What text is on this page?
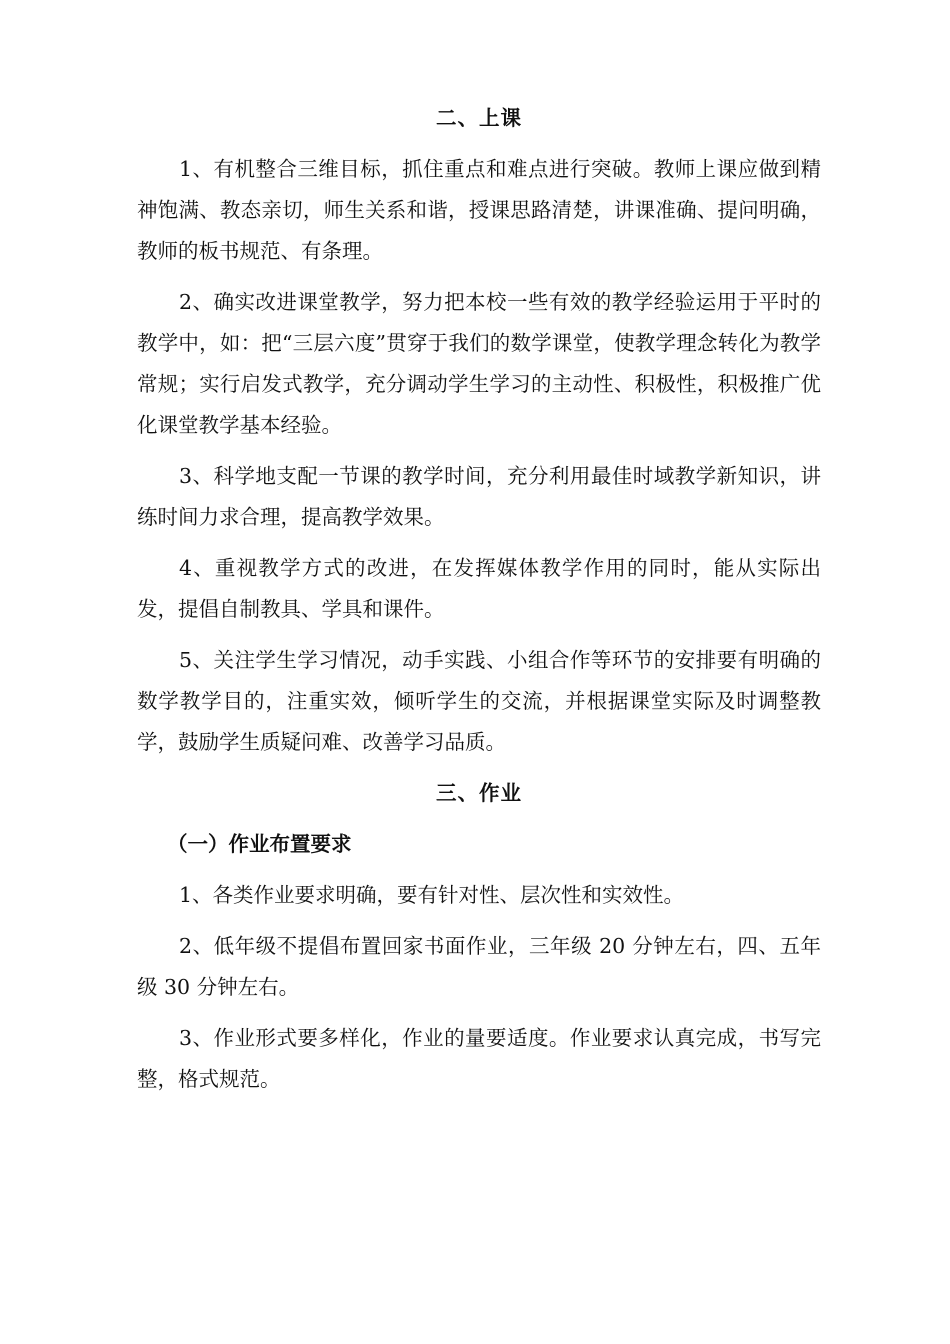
二、上课

1、有机整合三维目标，抓住重点和难点进行突破。教师上课应做到精神饱满、教态亲切，师生关系和谐，授课思路清楚，讲课准确、提问明确，教师的板书规范、有条理。

2、确实改进课堂教学，努力把本校一些有效的教学经验运用于平时的教学中，如：把“三层六度”贯穿于我们的数学课堂，使教学理念转化为教学常规；实行启发式教学，充分调动学生学习的主动性、积极性，积极推广优化课堂教学基本经验。

3、科学地支配一节课的教学时间，充分利用最佳时域教学新知识，讲练时间力求合理，提高教学效果。

4、重视教学方式的改进，在发挥媒体教学作用的同时，能从实际出发，提倡自制教具、学具和课件。

5、关注学生学习情况，动手实践、小组合作等环节的安排要有明确的数学教学目的，注重实效，倾听学生的交流，并根据课堂实际及时调整教学，鼓励学生质疑问难、改善学习品质。

三、作业
（一）作业布置要求

1、各类作业要求明确，要有针对性、层次性和实效性。

2、低年级不提倡布置回家书面作业，三年级 20 分钟左右，四、五年级 30 分钟左右。

3、作业形式要多样化，作业的量要适度。作业要求认真完成，书写完整，格式规范。
